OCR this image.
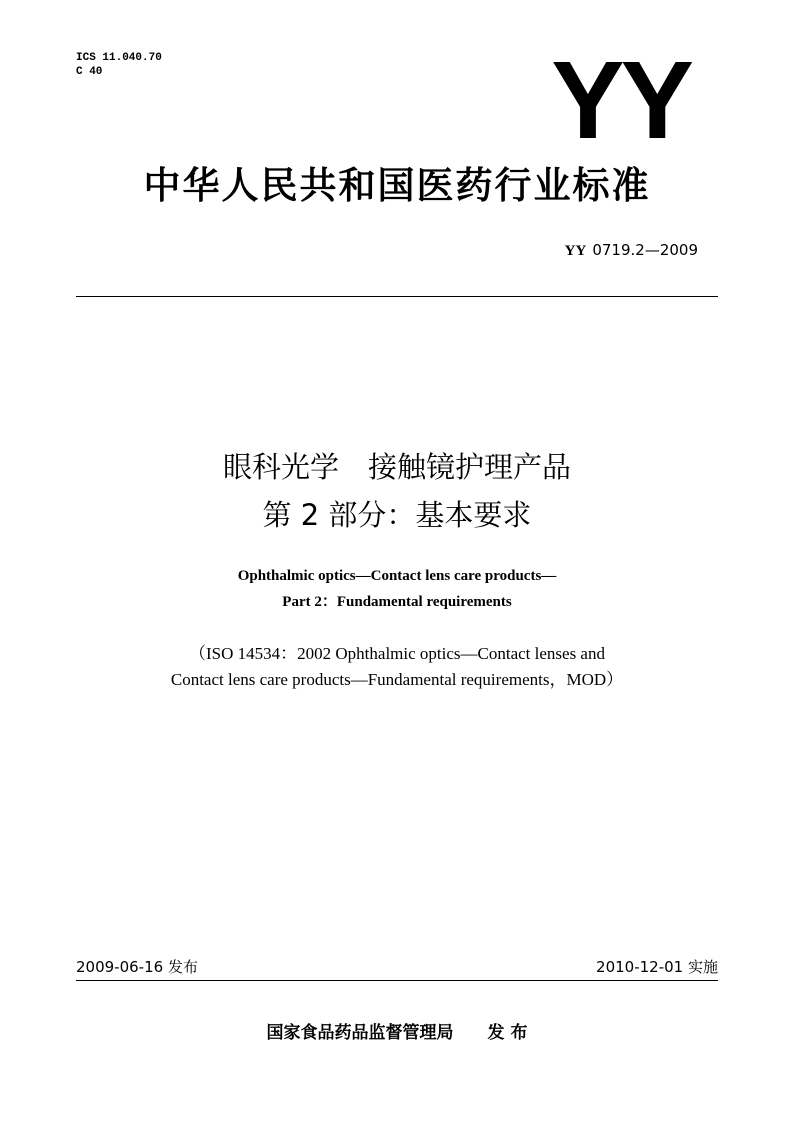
ICS 11.040.70
C 40	YY
中华人民共和国医药行业标准
YY 0719.2—2009
眼科光学　接触镜护理产品
第 2 部分：基本要求
Ophthalmic optics—Contact lens care products—
Part 2：Fundamental requirements
（ISO 14534：2002 Ophthalmic optics—Contact lenses and
Contact lens care products—Fundamental requirements，MOD）
2009-06-16 发布	2010-12-01 实施
国家食品药品监督管理局　　发 布
